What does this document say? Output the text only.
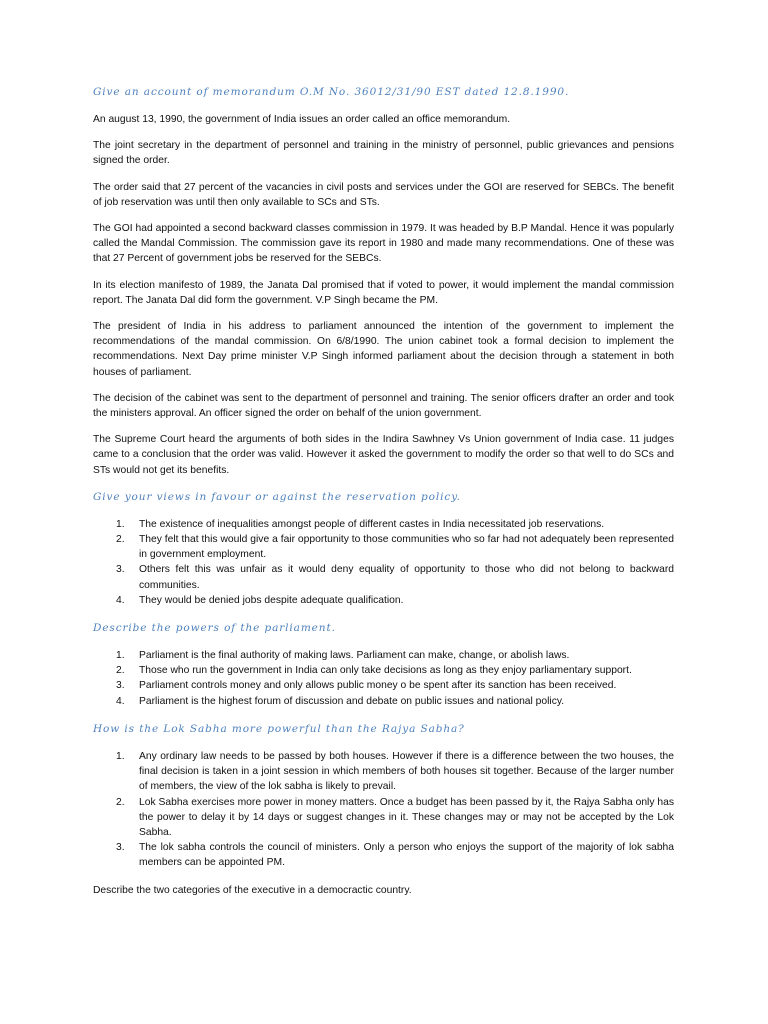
Give an account of memorandum O.M No. 36012/31/90 EST dated 12.8.1990.

An august 13, 1990, the government of India issues an order called an office memorandum.

The joint secretary in the department of personnel and training in the ministry of personnel, public grievances and pensions signed the order.

The order said that 27 percent of the vacancies in civil posts and services under the GOI are reserved for SEBCs. The benefit of job reservation was until then only available to SCs and STs.

The GOI had appointed a second backward classes commission in 1979. It was headed by B.P Mandal. Hence it was popularly called the Mandal Commission. The commission gave its report in 1980 and made many recommendations. One of these was that 27 Percent of government jobs be reserved for the SEBCs.

In its election manifesto of 1989, the Janata Dal promised that if voted to power, it would implement the mandal commission report. The Janata Dal did form the government. V.P Singh became the PM.

The president of India in his address to parliament announced the intention of the government to implement the recommendations of the mandal commission. On 6/8/1990. The union cabinet took a formal decision to implement the recommendations. Next Day prime minister V.P Singh informed parliament about the decision through a statement in both houses of parliament.

The decision of the cabinet was sent to the department of personnel and training. The senior officers drafter an order and took the ministers approval. An officer signed the order on behalf of the union government.

The Supreme Court heard the arguments of both sides in the Indira Sawhney Vs Union government of India case. 11 judges came to a conclusion that the order was valid. However it asked the government to modify the order so that well to do SCs and STs would not get its benefits.

Give your views in favour or against the reservation policy.
1.	The existence of inequalities amongst people of different castes in India necessitated job reservations.
2.	They felt that this would give a fair opportunity to those communities who so far had not adequately been represented in government employment.
3.	Others felt this was unfair as it would deny equality of opportunity to those who did not belong to backward communities.
4.	They would be denied jobs despite adequate qualification.
Describe the powers of the parliament.
1.	Parliament is the final authority of making laws. Parliament can make, change, or abolish laws.
2.	Those who run the government in India can only take decisions as long as they enjoy parliamentary support.
3.	Parliament controls money and only allows public money o be spent after its sanction has been received.
4.	Parliament is the highest forum of discussion and debate on public issues and national policy.
How is the Lok Sabha more powerful than the Rajya Sabha?
1.	Any ordinary law needs to be passed by both houses. However if there is a difference between the two houses, the final decision is taken in a joint session in which members of both houses sit together. Because of the larger number of members, the view of the lok sabha is likely to prevail.
2.	Lok Sabha exercises more power in money matters. Once a budget has been passed by it, the Rajya Sabha only has the power to delay it by 14 days or suggest changes in it. These changes may or may not be accepted by the Lok Sabha.
3.	The lok sabha controls the council of ministers. Only a person who enjoys the support of the majority of lok sabha members can be appointed PM.

Describe the two categories of the executive in a democractic country.
